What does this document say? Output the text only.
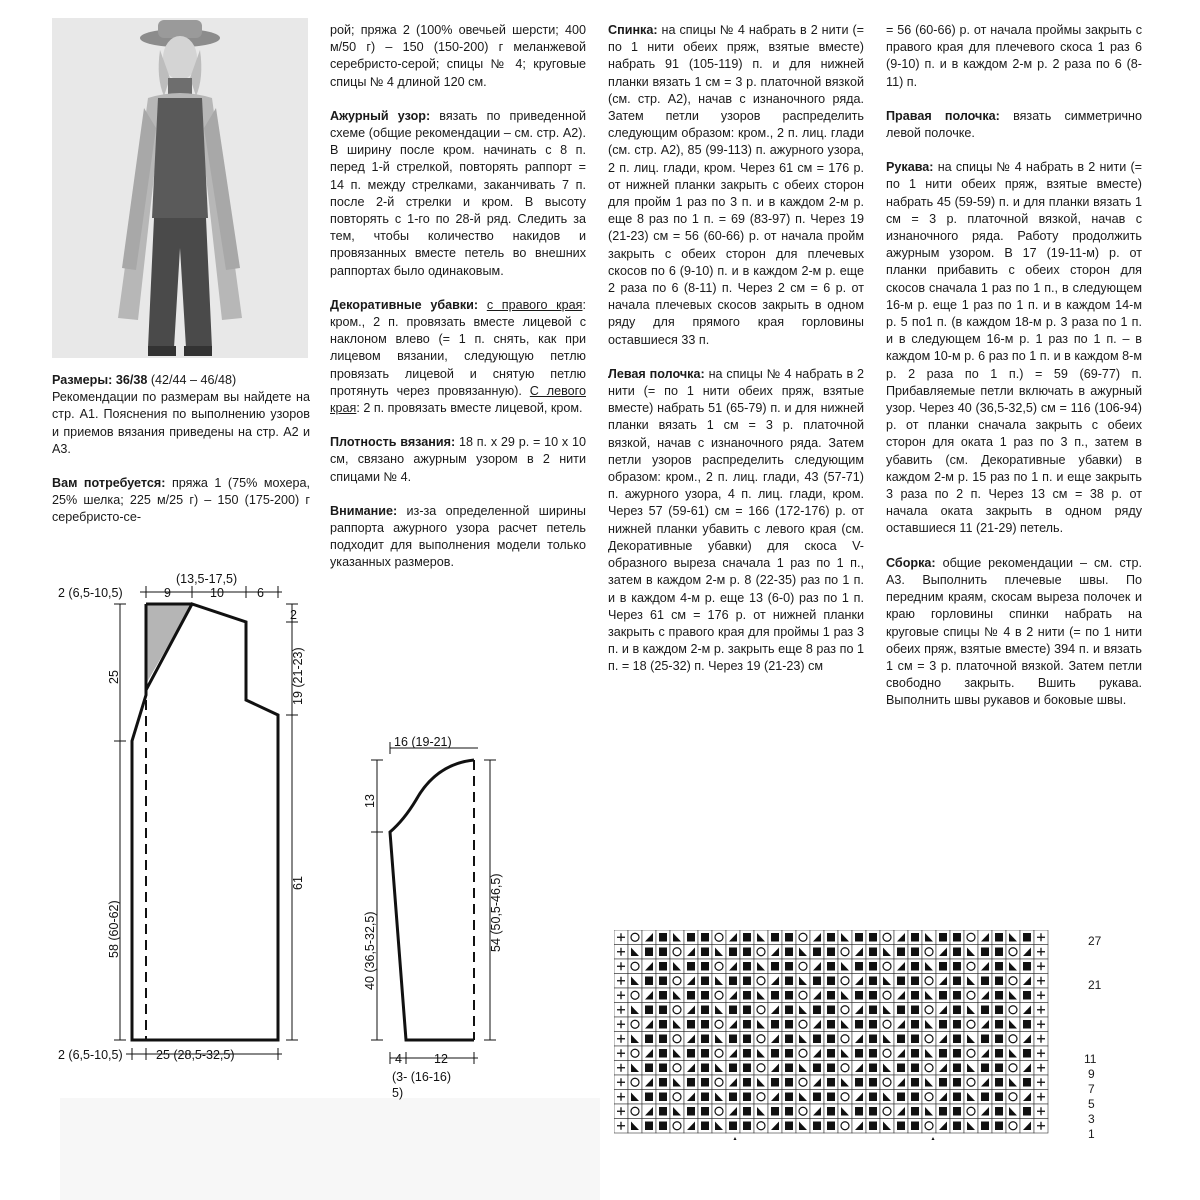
Размеры: 36/38 (42/44 – 46/48)
Рекомендации по размерам вы найдете на стр. А1. Пояснения по выполнению узоров и приемов вязания приведены на стр. А2 и А3.

Вам потребуется: пряжа 1 (75% мохера, 25% шелка; 225 м/25 г) – 150 (175-200) г серебристо-се-

рой; пряжа 2 (100% овечьей шерсти; 400 м/50 г) – 150 (150-200) г меланжевой серебристо-серой; спицы № 4; круговые спицы № 4 длиной 120 см.

Ажурный узор: вязать по приведенной схеме (общие рекомендации – см. стр. А2). В ширину после кром. начинать с 8 п. перед 1-й стрелкой, повторять раппорт = 14 п. между стрелками, заканчивать 7 п. после 2-й стрелки и кром. В высоту повторять с 1-го по 28-й ряд. Следить за тем, чтобы количество накидов и провязанных вместе петель во внешних раппортах было одинаковым.

Декоративные убавки: с правого края: кром., 2 п. провязать вместе лицевой с наклоном влево (= 1 п. снять, как при лицевом вязании, следующую петлю провязать лицевой и снятую петлю протянуть через провязанную). С левого края: 2 п. провязать вместе лицевой, кром.

Плотность вязания: 18 п. х 29 р. = 10 х 10 см, связано ажурным узором в 2 нити спицами № 4.

Внимание: из-за определенной ширины раппорта ажурного узора расчет петель подходит для выполнения модели только указанных размеров.

Спинка: на спицы № 4 набрать в 2 нити (= по 1 нити обеих пряж, взятые вместе) набрать 91 (105-119) п. и для нижней планки вязать 1 см = 3 р. платочной вязкой (см. стр. А2), начав с изнаночного ряда. Затем петли узоров распределить следующим образом: кром., 2 п. лиц. глади (см. стр. А2), 85 (99-113) п. ажурного узора, 2 п. лиц. глади, кром. Через 61 см = 176 р. от нижней планки закрыть с обеих сторон для пройм 1 раз по 3 п. и в каждом 2-м р. еще 8 раз по 1 п. = 69 (83-97) п. Через 19 (21-23) см = 56 (60-66) р. от начала пройм закрыть с обеих сторон для плечевых скосов по 6 (9-10) п. и в каждом 2-м р. еще 2 раза по 6 (8-11) п. Через 2 см = 6 р. от начала плечевых скосов закрыть в одном ряду для прямого края горловины оставшиеся 33 п.

Левая полочка: на спицы № 4 набрать в 2 нити (= по 1 нити обеих пряж, взятые вместе) набрать 51 (65-79) п. и для нижней планки вязать 1 см = 3 р. платочной вязкой, начав с изнаночного ряда. Затем петли узоров распределить следующим образом: кром., 2 п. лиц. глади, 43 (57-71) п. ажурного узора, 4 п. лиц. глади, кром. Через 57 (59-61) см = 166 (172-176) р. от нижней планки убавить с левого края (см. Декоративные убавки) для скоса V-образного выреза сначала 1 раз по 1 п., затем в каждом 2-м р. 8 (22-35) раз по 1 п. и в каждом 4-м р. еще 13 (6-0) раз по 1 п. Через 61 см = 176 р. от нижней планки закрыть с правого края для проймы 1 раз 3 п. и в каждом 2-м р. закрыть еще 8 раз по 1 п. = 18 (25-32) п. Через 19 (21-23) см

= 56 (60-66) р. от начала проймы закрыть с правого края для плечевого скоса 1 раз 6 (9-10) п. и в каждом 2-м р. 2 раза по 6 (8-11) п.

Правая полочка: вязать симметрично левой полочке.

Рукава: на спицы № 4 набрать в 2 нити (= по 1 нити обеих пряж, взятые вместе) набрать 45 (59-59) п. и для планки вязать 1 см = 3 р. платочной вязкой, начав с изнаночного ряда. Работу продолжить ажурным узором. В 17 (19-11-м) р. от планки прибавить с обеих сторон для скосов сначала 1 раз по 1 п., в следующем 16-м р. еще 1 раз по 1 п. и в каждом 14-м р. 5 по1 п. (в каждом 18-м р. 3 раза по 1 п. и в следующем 16-м р. 1 раз по 1 п. – в каждом 10-м р. 6 раз по 1 п. и в каждом 8-м р. 2 раза по 1 п.) = 59 (69-77) п. Прибавляемые петли включать в ажурный узор. Через 40 (36,5-32,5) см = 116 (106-94) р. от планки сначала закрыть с обеих сторон для оката 1 раз по 3 п., затем в убавить (см. Декоративные убавки) в каждом 2-м р. 15 раз по 1 п. и еще закрыть 3 раза по 2 п. Через 13 см = 38 р. от начала оката закрыть в одном ряду оставшиеся 11 (21-29) петель.

Сборка: общие рекомендации – см. стр. А3. Выполнить плечевые швы. По передним краям, скосам выреза полочек и краю горловины спинки набрать на круговые спицы № 4 в 2 нити (= по 1 нити обеих пряж, взятые вместе) 394 п. и вязать 1 см = 3 р. платочной вязкой. Затем петли свободно закрыть. Вшить рукава. Выполнить швы рукавов и боковые швы.

2 (6,5-10,5)
(13,5-17,5)
9	10	6
2
19 (21-23)
61
25
58 (60-62)
2 (6,5-10,5)	25 (28,5-32,5)
16 (19-21)
13
40 (36,5-32,5)	54 (50,5-46,5)
4	12
(3- (16-16)
5)
27
21
11
9
7
5
3
1
